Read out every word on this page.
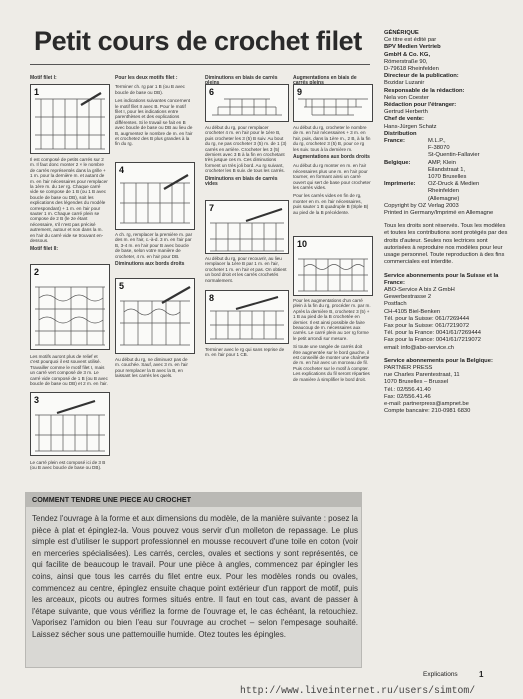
Petit cours de crochet filet
Motif filet I:
1

Il est composé de petits carrés sur 2 m. Il faut donc monter 2 × le nombre de carrés représentés dans la grille + 1 m. pour la dernière m. et autant de m. en l'air nécessaires pour remplacer la 1ère m. du 1er rg. Chaque carré vide se compose de 1 B (ou 1 B avec boucle de base ou DB), soit les explications des légendes du modèle correspondant) + 1 m. en l'air pour sauter 1 m. Chaque carré plein se compose de 2 B (le 2e étant nécessaire, s'il n'est pas précisé autrement, autour et non dans la m. en l'air du carré vide se trouvant en-dessous.

Motif filet II:
2

Les motifs auront plus de relief et c'est pourquoi il est souvent utilisé. Travailler comme le motif filet I, mais un carré vert composé de 3 m. Le carré vide composé de 1 B (ou B avec boucle de base ou DB) et 2 m. en l'air.

3

Le carré plein est composé ici de 3 B (ou B avec boucle de base ou DB).

Pour les deux motifs filet :

Terminer ch. rg par 1 B (ou B avec boucle de base ou DB).

Les indications suivantes concernent le motif filet II avec B. Pour le motif filet I, pour les indications entre parenthèses et des explications différentes. Si le travail se fait en B avec boucle de base ou DB au lieu de B, augmentez le nombre de m. en l'air et crochetez des B plus grandes à la fin du rg.

4

A ch. rg, remplacer la première m. par des m. en l'air, c.-à-d. 3 m. en l'air par B, 3-4 m. en l'air pour B avec boucle de base, selon votre manière de crocheter, 4 m. en l'air pour DB.

Diminutions aux bords droits
5

Au début du rg, ne diminuez pas de m. couchée. Sauf, avec 3 m. en l'air pour remplacer la B avec la B, en laissant les carrés les quels.

Diminutions en biais de carrés
6

Au début du rg, pour remplacer crocheter 4 m. en l'air pour le 1ère B, puis crocheter les 3 (5) B suiv. Au bout du rg, ne pas crocheter 3 (5) m. de 1 (3) carrés en arrière. Crocheter les 3 (5) derniers avec 3 B à la fin en crochetant très jusque ces m. Ces diminutions forment un très joli bord. Au rg suivant, crocheter les B suiv. de tous les carrés.

Diminutions en biais de carrés vides
7

Au début du rg, pour recouvrir, au lieu remplacer la 1ère B par 1 m. en l'air, crocheter 1 m. en l'air et pas. On obtient un bord droit et les carrés crochetés normalement.

8

Terminer avec le rg qui sans reprise de m. en l'air pour 1 CB.

Augmentations en biais de
9

Au début du rg, crocheter le nombre de m. en l'air nécessaires + 3 m. en l'air, puis, dans la 1ère m., 2 B, à la fin du rg, crochetez 3 (5) B, pour ce rg les suiv. tous à la dernière m.

Augmentations aux bords droits

Au début du rg monter en m. en l'air nécessaires plus une m. en l'air pour tourner, en formant ainsi un carré ouvert qui sert de base pour crocheter les carrés vides.

Pour les carrés vides en fin de rg, monter en m. en l'air nécessaires, puis sauter 1 B quadruple B (triple B) au pied de la B précédente.

10

Pour les augmentations d'un carré plein à la fin du rg, procéder m. par m. Après la dernière B, crochetez 3 (5) + 1 B au pied de la B crochetée en dernier. Il est ainsi possible de faire beaucoup de m. nécessaires aux carrés. Le carré plein au 1er rg forme le petit arrondi sur mesure.

Si toute une rangée de carrés doit être augmentée sur le bord gauche, il est conseillé de monter une chaînette de m. en l'air avec un morceau de fil. Puis crocheter sur le motif à compter. Les explications du fil seront réparties de manière à simplifier le bord droit.

GÉNÉRIQUE
Ce titre est édité par
BPV Medien Vertrieb
GmbH & Co. KG,
Römerstraße 90,
D-79618 Rheinfelden
Directeur de la publication:
Bozidar Luzanir
Responsable de la rédaction:
Nela von Coester
Rédaction pour l'étranger:
Gertrud Herberth
Chef de vente:
Hans-Jürgen Schatz
Distribution
France:	M.L.P.,
F-38070
St-Quentin-Fallavier
Belgique:	AMP, Klein
Eilandstraat 1,
1070 Bruxelles
Imprimerie:	OZ-Druck & Medien
Rheinfelden
(Allemagne)
Copyright by OZ Verlag 2003
Printed in Germany/Imprimé en Allemagne
Tous les droits sont réservés. Tous les modèles et toutes les contributions sont protégés par des droits d'auteur. Seules nos lectrices sont autorisées à reproduire nos modèles pour leur usage personnel. Toute reproduction à des fins commerciales est interdite.
Service abonnements pour la Suisse et la France:
ABO-Service A bis Z GmbH
Gewerbestrasse 2
Postfach
CH-4105 Biel-Benken
Tél. pour la Suisse: 061/7269444
Fax pour la Suisse: 061/7219072
Tél. pour la France: 0041/61/7269444
Fax pour la France: 0041/61/7219072
email: info@abo-service.ch
Service abonnements pour la Belgique:
PARTNER PRESS
rue Charles Parentestraat, 11
1070 Bruxelles – Brussel
Tél.: 02/556.41.40
Fax: 02/556.41.46
e-mail: partnerpress@ampnet.be
Compte bancaire: 210-0981 6830
COMMENT TENDRE UNE PIECE AU CROCHET
Tendez l'ouvrage à la forme et aux dimensions du modèle, de la manière suivante : posez la pièce à plat et épinglez-la. Vous pouvez vous servir d'un molleton de repassage. Le plus simple est d'utiliser le support professionnel en mousse recouvert d'une toile en coton (voir en merceries spécialisées). Les carrés, cercles, ovales et sections y sont représentés, ce qui facilite de beaucoup le travail. Pour une pièce à angles, commencez par épingler les coins, ainsi que tous les carrés du filet entre eux. Pour les modèles ronds ou ovales, commencez au centre, épinglez ensuite chaque point extérieur d'un rapport de motif, puis les arceaux, picots ou autres formes situés entre. Il faut en tout cas, avant de passer à l'étape suivante, que vous vérifiez la forme de l'ouvrage et, le cas échéant, la retouchiez. Vaporisez l'amidon ou bien l'eau sur l'ouvrage au crochet – selon l'empesage souhaité. Laissez sécher sous une pattemouille humide. Otez toutes les épingles.
Explications	1
http://www.liveinternet.ru/users/simtom/
